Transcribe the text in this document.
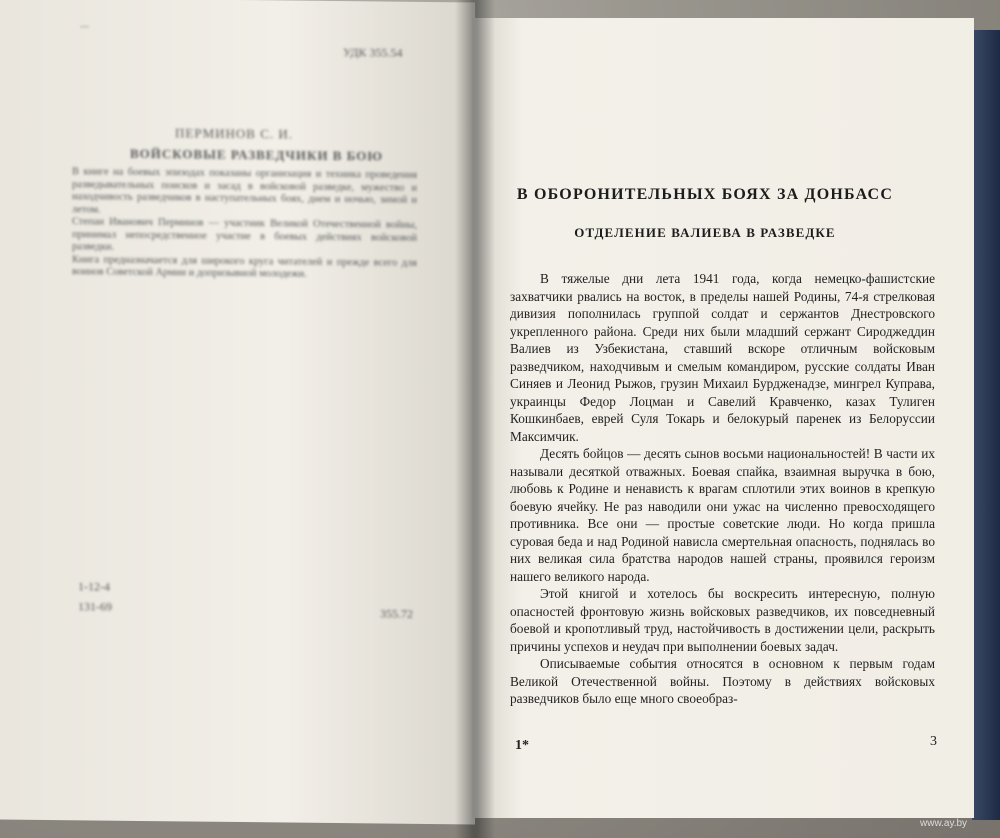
...
УДК 355.54
ПЕРМИНОВ С. И.
ВОЙСКОВЫЕ РАЗВЕДЧИКИ В БОЮ

В книге на боевых эпизодах показаны организация и техника проведения разведывательных поисков и засад в войсковой разведке, мужество и находчивость разведчиков в наступательных боях, днем и ночью, зимой и летом.

Степан Иванович Перминов — участник Великой Отечественной войны, принимал непосредственное участие в боевых действиях войсковой разведки.

Книга предназначается для широкого круга читателей и прежде всего для воинов Советской Армии и допризывной молодежи.

1-12-4
131-69	355.72
В ОБОРОНИТЕЛЬНЫХ БОЯХ ЗА ДОНБАСС
ОТДЕЛЕНИЕ ВАЛИЕВА В РАЗВЕДКЕ

В тяжелые дни лета 1941 года, когда немецко-фашистские захватчики рвались на восток, в пределы нашей Родины, 74-я стрелковая дивизия пополнилась группой солдат и сержантов Днестровского укрепленного района. Среди них были младший сержант Сироджеддин Валиев из Узбекистана, ставший вскоре отличным войсковым разведчиком, находчивым и смелым командиром, русские солдаты Иван Синяев и Леонид Рыжов, грузин Михаил Бурдженадзе, мингрел Куправа, украинцы Федор Лоцман и Савелий Кравченко, казах Тулиген Кошкинбаев, еврей Суля Токарь и белокурый паренек из Белоруссии Максимчик.

Десять бойцов — десять сынов восьми национальностей! В части их называли десяткой отважных. Боевая спайка, взаимная выручка в бою, любовь к Родине и ненависть к врагам сплотили этих воинов в крепкую боевую ячейку. Не раз наводили они ужас на численно превосходящего противника. Все они — простые советские люди. Но когда пришла суровая беда и над Родиной нависла смертельная опасность, поднялась во них великая сила братства народов нашей страны, проявился героизм нашего великого народа.

Этой книгой и хотелось бы воскресить интересную, полную опасностей фронтовую жизнь войсковых разведчиков, их повседневный боевой и кропотливый труд, настойчивость в достижении цели, раскрыть причины успехов и неудач при выполнении боевых задач.

Описываемые события относятся в основном к первым годам Великой Отечественной войны. Поэтому в действиях войсковых разведчиков было еще много своеобраз-

1*	3
www.ay.by
